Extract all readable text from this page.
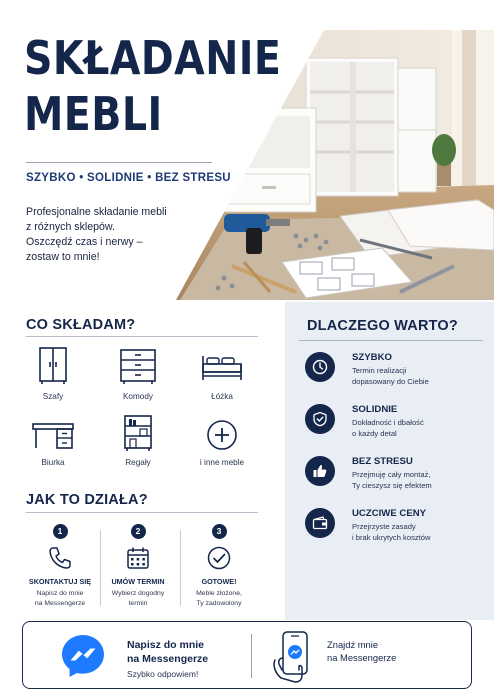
SKŁADANIE
MEBLI
SZYBKO • SOLIDNIE • BEZ STRESU
Profesjonalne składanie mebli
z różnych sklepów.
Oszczędź czas i nerwy –
zostaw to mnie!
CO SKŁADAM?
Szafy	Komody	Łóżka
Biurka	Regały	i inne meble
JAK TO DZIAŁA?
1
SKONTAKTUJ SIĘ
Napisz do mnie
na Messengerze
2
UMÓW TERMIN
Wybierz dogodny
termin
3
GOTOWE!
Meble złożone,
Ty zadowolony
DLACZEGO WARTO?
SZYBKO
Termin realizacji
dopasowany do Ciebie
SOLIDNIE
Dokładność i dbałość
o każdy detal
BEZ STRESU
Przejmuję cały montaż,
Ty cieszysz się efektem
UCZCIWE CENY
Przejrzyste zasady
i brak ukrytych kosztów
Napisz do mnie
na Messengerze
Szybko odpowiem!
Znajdź mnie
na Messengerze
